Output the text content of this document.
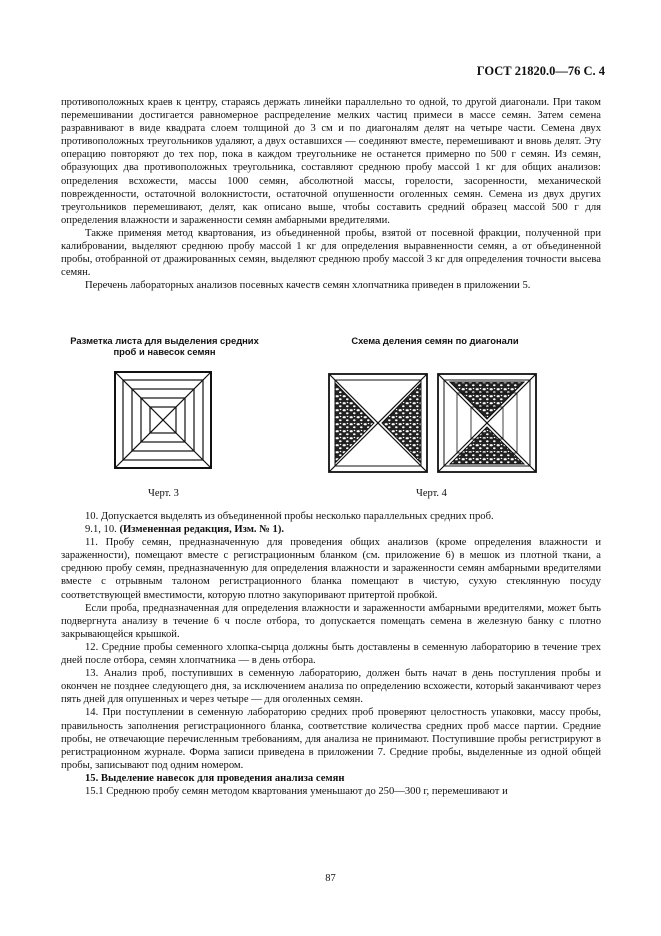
ГОСТ 21820.0—76 С. 4

противоположных краев к центру, стараясь держать линейки параллельно то одной, то другой диагонали. При таком перемешивании достигается равномерное распределение мелких частиц примеси в массе семян. Затем семена разравнивают в виде квадрата слоем толщиной до 3 см и по диагоналям делят на четыре части. Семена двух противоположных треугольников удаляют, а двух оставшихся — соединяют вместе, перемешивают и вновь делят. Эту операцию повторяют до тех пор, пока в каждом треугольнике не останется примерно по 500 г семян. Из семян, образующих два противоположных треугольника, составляют среднюю пробу массой 1 кг для общих анализов: определения всхожести, массы 1000 семян, абсолютной массы, горелости, засоренности, механической поврежденности, остаточной волокнистости, остаточной опушенности оголенных семян. Семена из двух других треугольников перемешивают, делят, как описано выше, чтобы составить средний образец массой 500 г для определения влажности и зараженности семян амбарными вредителями.

Также применяя метод квартования, из объединенной пробы, взятой от посевной фракции, полученной при калибровании, выделяют среднюю пробу массой 1 кг для определения выравненности семян, а от объединенной пробы, отобранной от дражированных семян, выделяют среднюю пробу массой 3 кг для определения точности высева семян.

Перечень лабораторных анализов посевных качеств семян хлопчатника приведен в приложении 5.

Разметка листа для выделения средних проб и навесок семян
Схема деления семян по диагонали
Черт. 3	Черт. 4

10. Допускается выделять из объединенной пробы несколько параллельных средних проб.

9.1, 10. (Измененная редакция, Изм. № 1).

11. Пробу семян, предназначенную для проведения общих анализов (кроме определения влажности и зараженности), помещают вместе с регистрационным бланком (см. приложение 6) в мешок из плотной ткани, а среднюю пробу семян, предназначенную для определения влажности и зараженности семян амбарными вредителями вместе с отрывным талоном регистрационного бланка помещают в чистую, сухую стеклянную посуду соответствующей вместимости, которую плотно закупоривают притертой пробкой.

Если проба, предназначенная для определения влажности и зараженности амбарными вредителями, может быть подвергнута анализу в течение 6 ч после отбора, то допускается помещать семена в железную банку с плотно закрывающейся крышкой.

12. Средние пробы семенного хлопка-сырца должны быть доставлены в семенную лабораторию в течение трех дней после отбора, семян хлопчатника — в день отбора.

13. Анализ проб, поступивших в семенную лабораторию, должен быть начат в день поступления пробы и окончен не позднее следующего дня, за исключением анализа по определению всхожести, который заканчивают через пять дней для опушенных и через четыре — для оголенных семян.

14. При поступлении в семенную лабораторию средних проб проверяют целостность упаковки, массу пробы, правильность заполнения регистрационного бланка, соответствие количества средних проб массе партии. Средние пробы, не отвечающие перечисленным требованиям, для анализа не принимают. Поступившие пробы регистрируют в регистрационном журнале. Форма записи приведена в приложении 7. Средние пробы, выделенные из одной общей пробы, записывают под одним номером.

15. Выделение навесок для проведения анализа семян

15.1 Среднюю пробу семян методом квартования уменьшают до 250—300 г, перемешивают и

87
